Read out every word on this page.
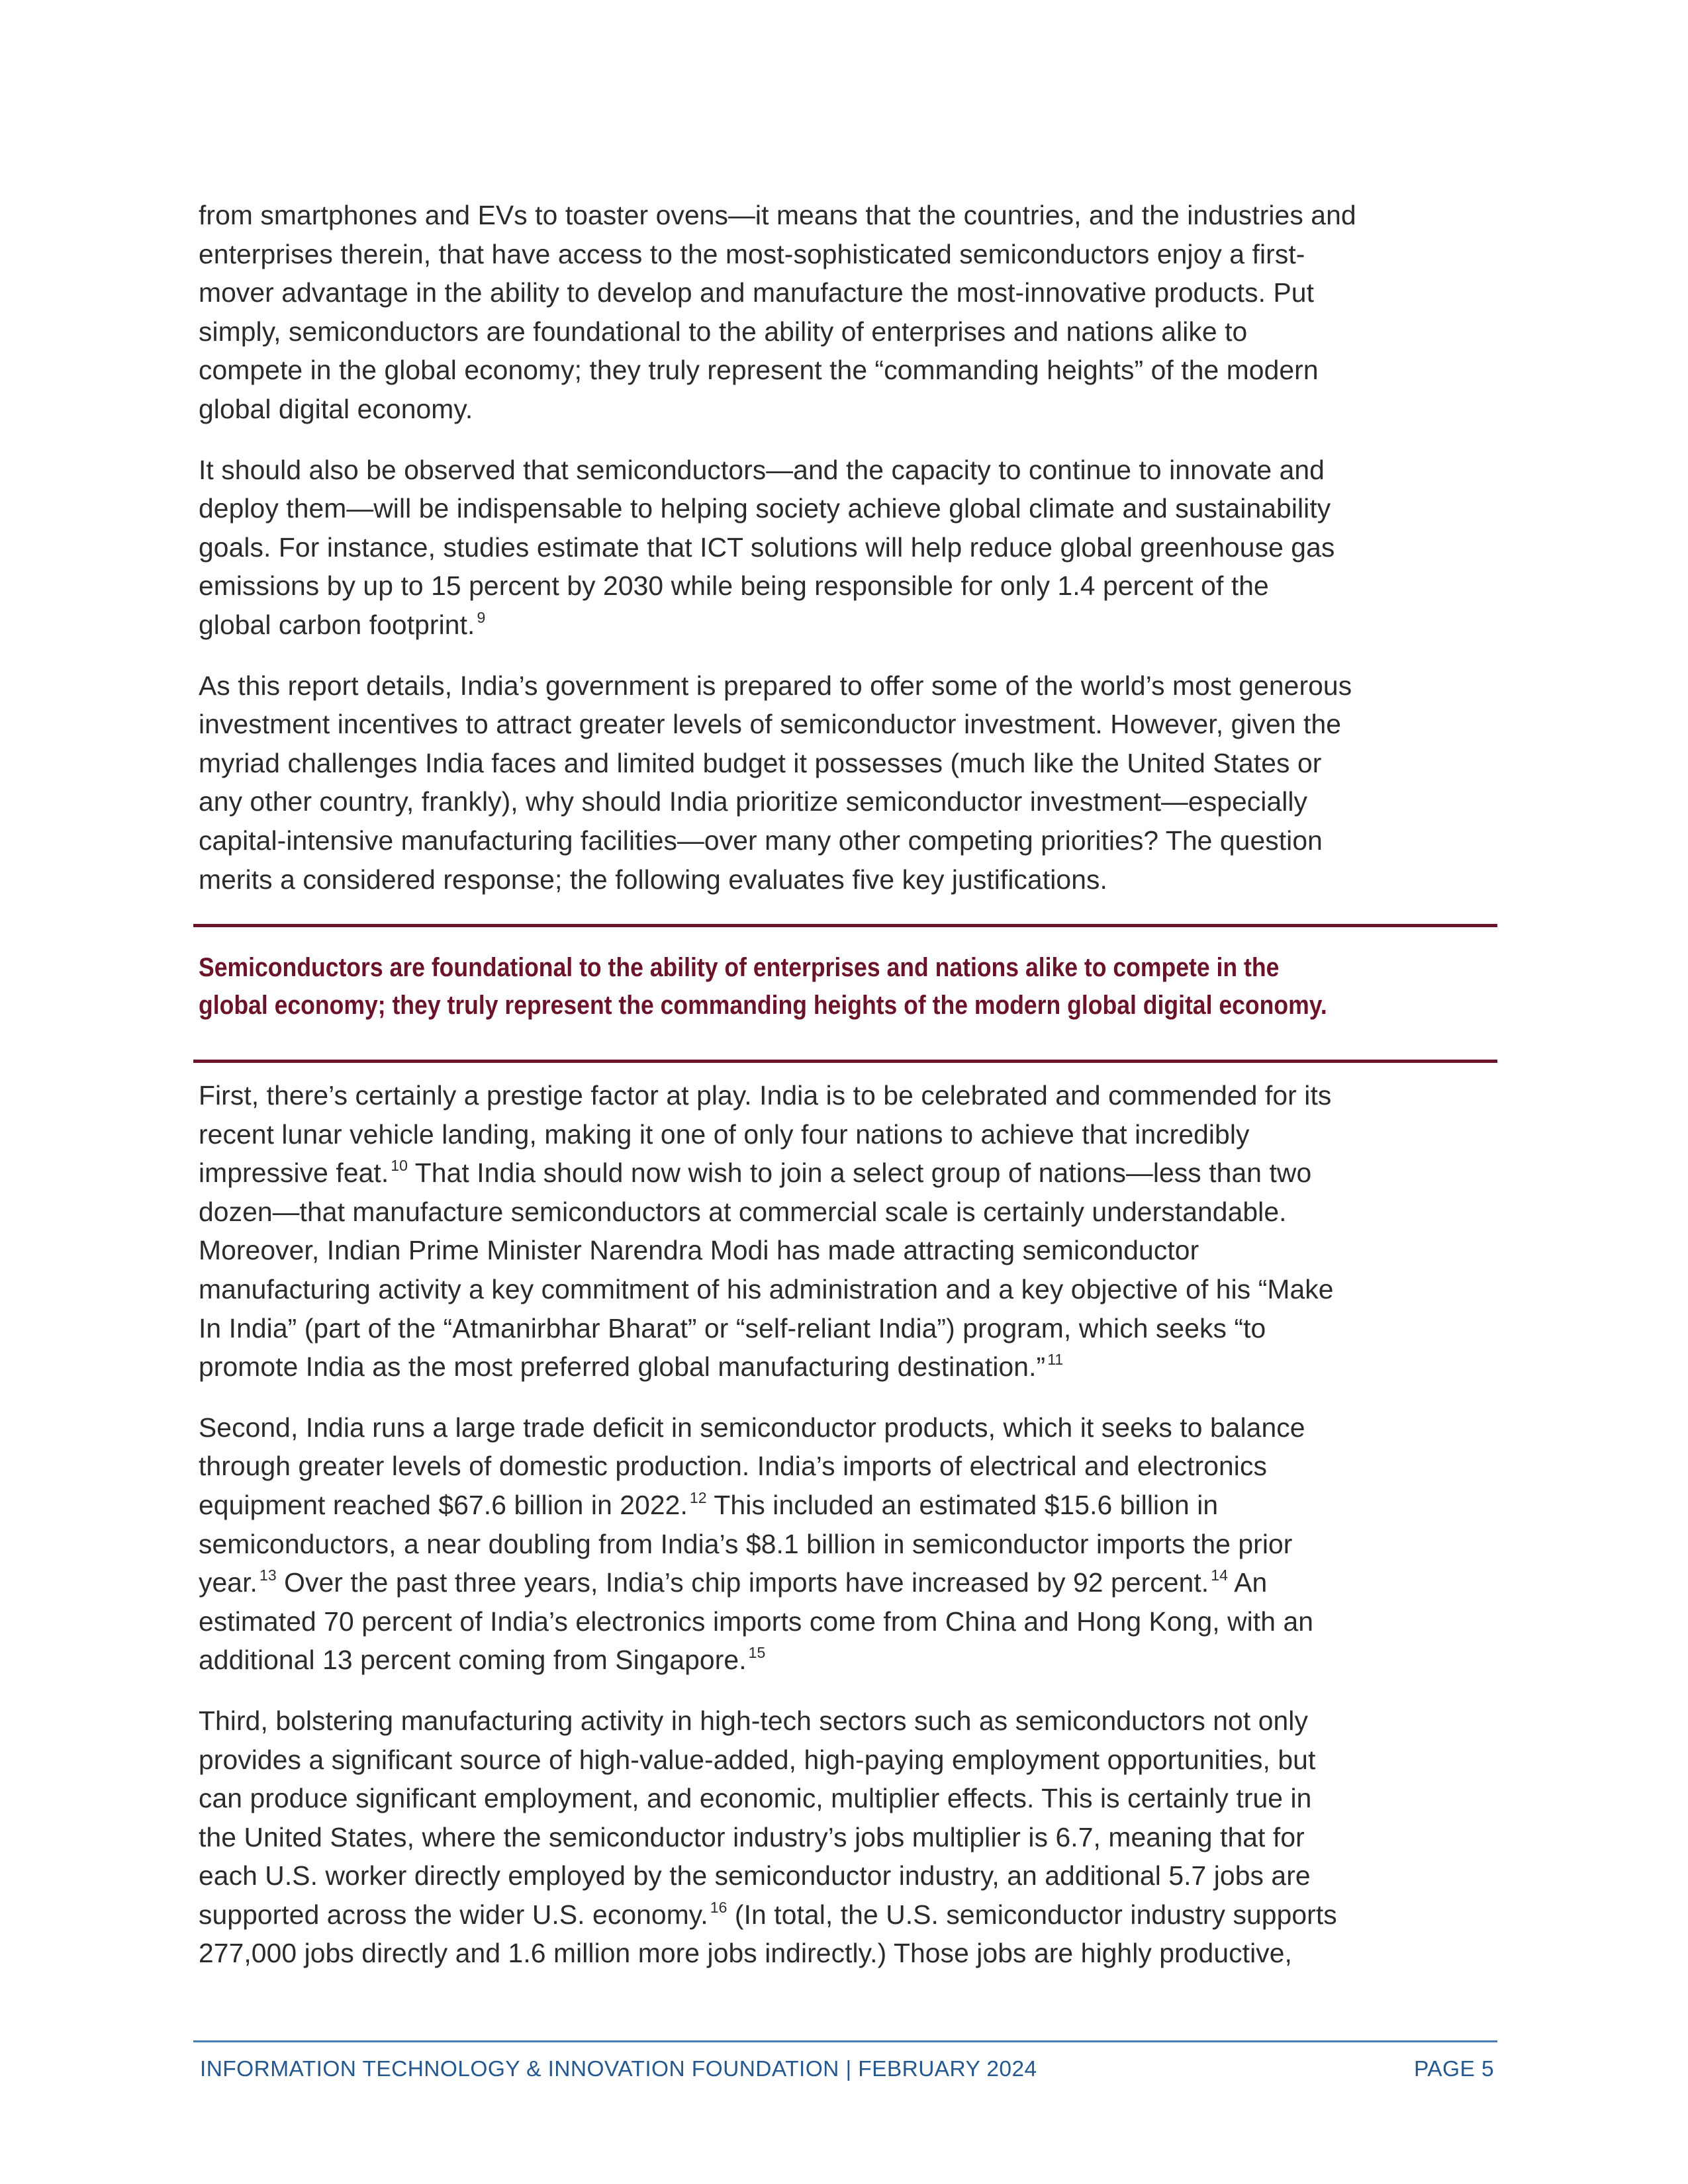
from smartphones and EVs to toaster ovens—it means that the countries, and the industries and
enterprises therein, that have access to the most-sophisticated semiconductors enjoy a first-
mover advantage in the ability to develop and manufacture the most-innovative products. Put
simply, semiconductors are foundational to the ability of enterprises and nations alike to
compete in the global economy; they truly represent the “commanding heights” of the modern
global digital economy.

It should also be observed that semiconductors—and the capacity to continue to innovate and
deploy them—will be indispensable to helping society achieve global climate and sustainability
goals. For instance, studies estimate that ICT solutions will help reduce global greenhouse gas
emissions by up to 15 percent by 2030 while being responsible for only 1.4 percent of the
global carbon footprint. $^9$

As this report details, India’s government is prepared to offer some of the world’s most generous
investment incentives to attract greater levels of semiconductor investment. However, given the
myriad challenges India faces and limited budget it possesses (much like the United States or
any other country, frankly), why should India prioritize semiconductor investment—especially
capital-intensive manufacturing facilities—over many other competing priorities? The question
merits a considered response; the following evaluates five key justifications.

Semiconductors are foundational to the ability of enterprises and nations alike to compete in the
global economy; they truly represent the commanding heights of the modern global digital economy.

First, there’s certainly a prestige factor at play. India is to be celebrated and commended for its
recent lunar vehicle landing, making it one of only four nations to achieve that incredibly
impressive feat. $^{10}$ That India should now wish to join a select group of nations—less than two
dozen—that manufacture semiconductors at commercial scale is certainly understandable.
Moreover, Indian Prime Minister Narendra Modi has made attracting semiconductor
manufacturing activity a key commitment of his administration and a key objective of his “Make
In India” (part of the “Atmanirbhar Bharat” or “self-reliant India”) program, which seeks “to
promote India as the most preferred global manufacturing destination.” $^{11}$

Second, India runs a large trade deficit in semiconductor products, which it seeks to balance
through greater levels of domestic production. India’s imports of electrical and electronics
equipment reached $67.6 billion in 2022. $^{12}$ This included an estimated $15.6 billion in
semiconductors, a near doubling from India’s $8.1 billion in semiconductor imports the prior
year. $^{13}$ Over the past three years, India’s chip imports have increased by 92 percent. $^{14}$ An
estimated 70 percent of India’s electronics imports come from China and Hong Kong, with an
additional 13 percent coming from Singapore. $^{15}$

Third, bolstering manufacturing activity in high-tech sectors such as semiconductors not only
provides a significant source of high-value-added, high-paying employment opportunities, but
can produce significant employment, and economic, multiplier effects. This is certainly true in
the United States, where the semiconductor industry’s jobs multiplier is 6.7, meaning that for
each U.S. worker directly employed by the semiconductor industry, an additional 5.7 jobs are
supported across the wider U.S. economy. $^{16}$ (In total, the U.S. semiconductor industry supports
277,000 jobs directly and 1.6 million more jobs indirectly.) Those jobs are highly productive,

INFORMATION TECHNOLOGY & INNOVATION FOUNDATION | FEBRUARY 2024	PAGE 5
